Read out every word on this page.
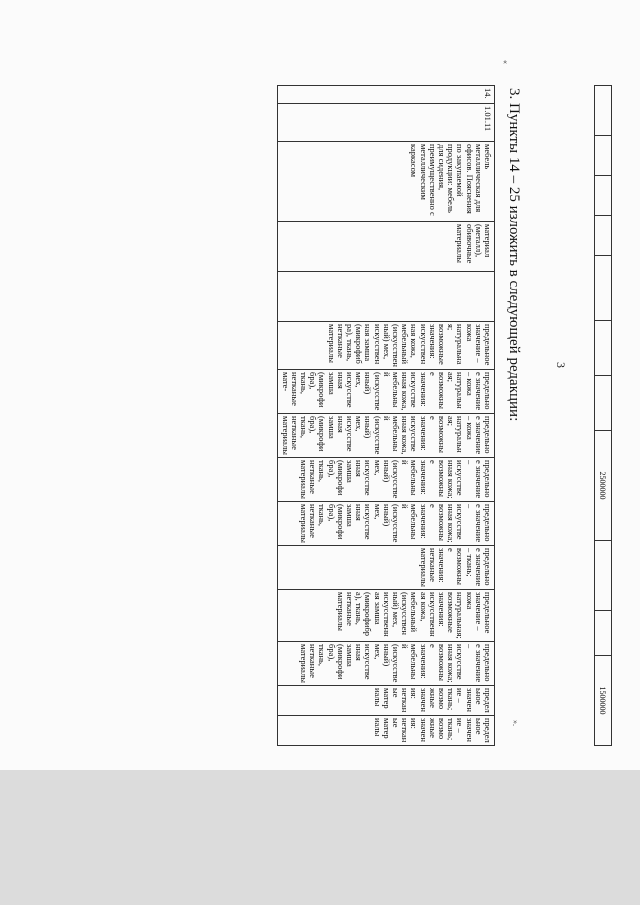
							2500000			1500000
3
«
3. Пункты 14 – 25 изложить в следующей редакции:
14.	1.01.11	мебель металлическая для офисов. Пояснения по закупаемой продукции: мебель для сидения, преимущественно с металлическим каркасом	материал (металл), обивочные материалы		предельное значение – кожа натуральная; возможные значения: искусственная кожа, мебельный (искусственный) мех, искусственная замша (микрофибра), ткань, нетканые материалы	предельное значение – кожа натуральная; возможные значения: искусственная кожа, мебельный (искусственный) мех, искусственная замша (микрофибра), ткань, нетканые мате-	предельное значение – кожа натуральная; возможные значения: искусственная кожа, мебельный (искусственный) мех, искусственная замша (микрофибра), ткань, нетканые материалы	предельное значение – искусственная кожа; возможные значения: мебельный (искусственный) мех, искусственная замша (микрофибра), ткань, нетканые материалы	предельное значение – искусственная кожа; возможные значения: мебельный (искусственный) мех, искусственная замша (микрофибра), ткань, нетканые материалы	предельное значение – ткань; возможные значения: нетканые материалы	предельное значение – кожа натуральная; возможные значения: искусственная кожа, мебельный (искусственный) мех, искусственная замша (микрофибра), ткань, нетканые материалы	предельное значение – искусственная кожа; возможные значения: мебельный (искусственный) мех, искусственная замша (микрофибра), ткань, нетканые материалы	предельное значение – ткань; возможные значения: нетканые материалы	предельное значение – ткань; возможные значения: нетканые материалы	».
